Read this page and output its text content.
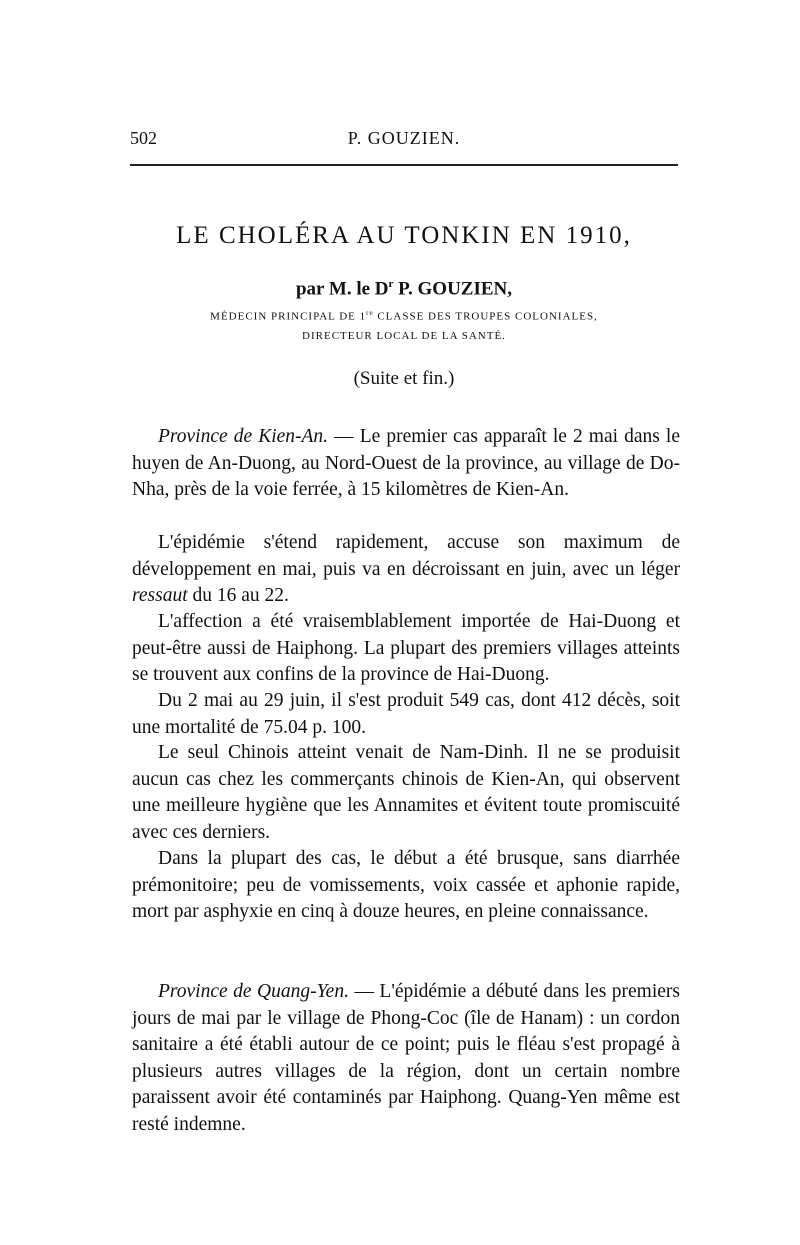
502	P. GOUZIEN.
LE CHOLÉRA AU TONKIN EN 1910,
par M. le $D^r$ P. GOUZIEN,
MÉDECIN PRINCIPAL DE 1re CLASSE DES TROUPES COLONIALES,
DIRECTEUR LOCAL DE LA SANTÉ.
(Suite et fin.)

Province de Kien-An. — Le premier cas apparaît le 2 mai dans le huyen de An-Duong, au Nord-Ouest de la province, au village de Do-Nha, près de la voie ferrée, à 15 kilomètres de Kien-An.

L'épidémie s'étend rapidement, accuse son maximum de développement en mai, puis va en décroissant en juin, avec un léger ressaut du 16 au 22.

L'affection a été vraisemblablement importée de Hai-Duong et peut-être aussi de Haiphong. La plupart des premiers villages atteints se trouvent aux confins de la province de Hai-Duong.

Du 2 mai au 29 juin, il s'est produit 549 cas, dont 412 décès, soit une mortalité de 75.04 p. 100.

Le seul Chinois atteint venait de Nam-Dinh. Il ne se produisit aucun cas chez les commerçants chinois de Kien-An, qui observent une meilleure hygiène que les Annamites et évitent toute promiscuité avec ces derniers.

Dans la plupart des cas, le début a été brusque, sans diarrhée prémonitoire; peu de vomissements, voix cassée et aphonie rapide, mort par asphyxie en cinq à douze heures, en pleine connaissance.

Province de Quang-Yen. — L'épidémie a débuté dans les premiers jours de mai par le village de Phong-Coc (île de Hanam) : un cordon sanitaire a été établi autour de ce point; puis le fléau s'est propagé à plusieurs autres villages de la région, dont un certain nombre paraissent avoir été contaminés par Haiphong. Quang-Yen même est resté indemne.
